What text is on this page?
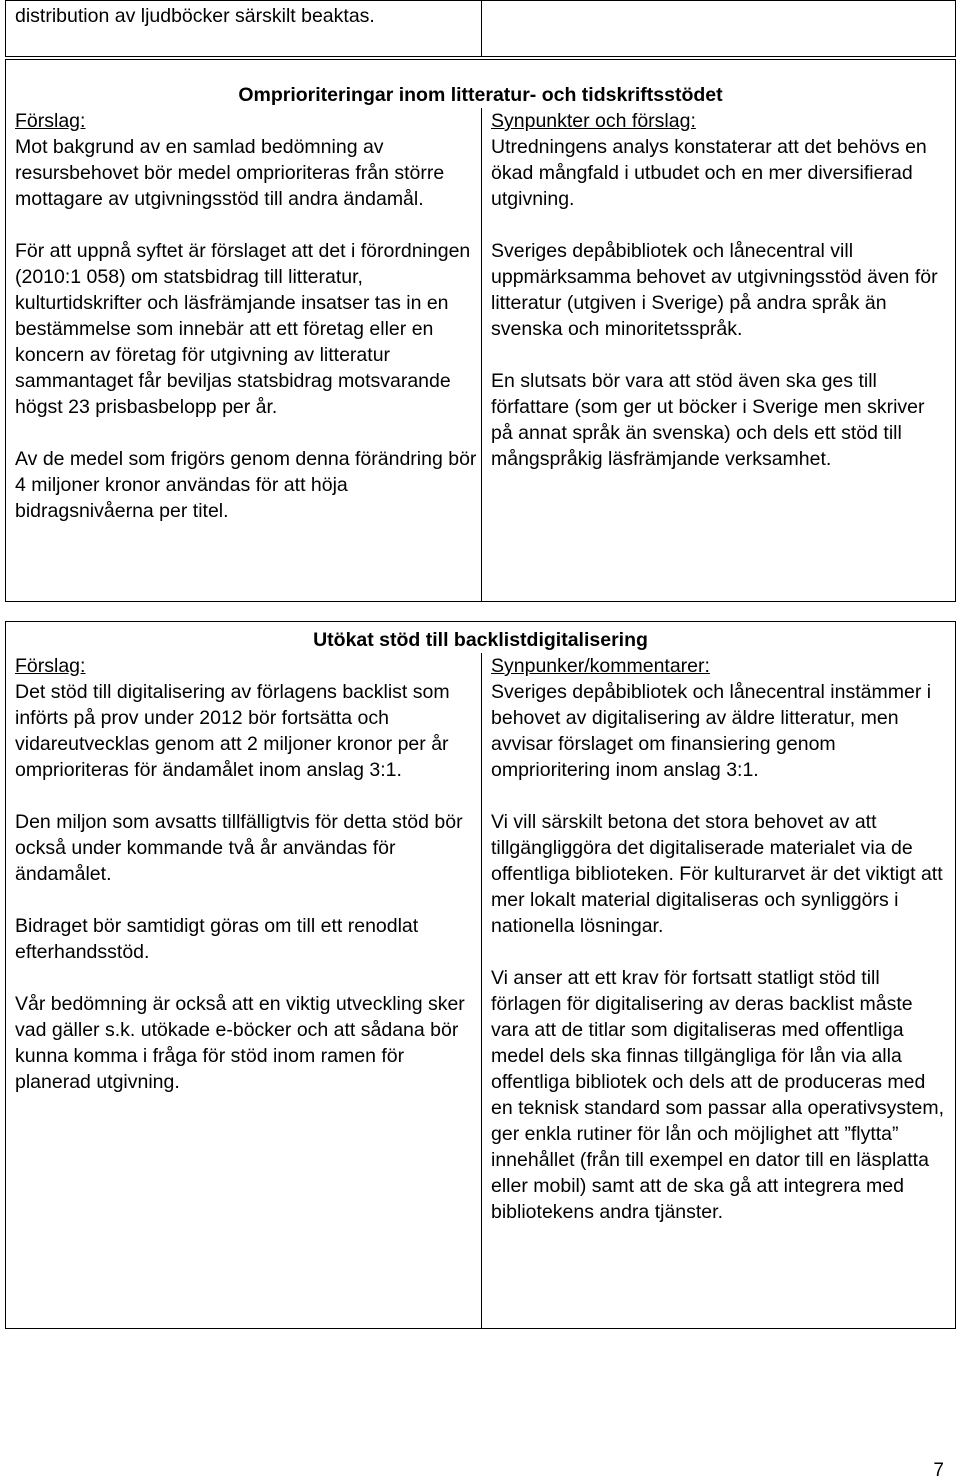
distribution av ljudböcker särskilt beaktas.

Omprioriteringar inom litteratur- och tidskriftsstödet
Förslag:

Mot bakgrund av en samlad bedömning av resursbehovet bör medel omprioriteras från större mottagare av utgivningsstöd till andra ändamål.

För att uppnå syftet är förslaget att det i förordningen (2010:1 058) om statsbidrag till litteratur, kulturtidskrifter och läsfrämjande insatser tas in en bestämmelse som innebär att ett företag eller en koncern av företag för utgivning av litteratur sammantaget får beviljas statsbidrag motsvarande högst 23 prisbasbelopp per år.

Av de medel som frigörs genom denna förändring bör 4 miljoner kronor användas för att höja bidragsnivåerna per titel.

Synpunkter och förslag:

Utredningens analys konstaterar att det behövs en ökad mångfald i utbudet och en mer diversifierad utgivning.

Sveriges depåbibliotek och lånecentral vill uppmärksamma behovet av utgivningsstöd även för litteratur (utgiven i Sverige) på andra språk än svenska och minoritetsspråk.

En slutsats bör vara att stöd även ska ges till författare (som ger ut böcker i Sverige men skriver på annat språk än svenska) och dels ett stöd till mångspråkig läsfrämjande verksamhet.

Utökat stöd till backlistdigitalisering
Förslag:

Det stöd till digitalisering av förlagens backlist som införts på prov under 2012 bör fortsätta och vidareutvecklas genom att 2 miljoner kronor per år omprioriteras för ändamålet inom anslag 3:1.

Den miljon som avsatts tillfälligtvis för detta stöd bör också under kommande två år användas för ändamålet.

Bidraget bör samtidigt göras om till ett renodlat efterhandsstöd.

Vår bedömning är också att en viktig utveckling sker vad gäller s.k. utökade e-böcker och att sådana bör kunna komma i fråga för stöd inom ramen för planerad utgivning.

Synpunker/kommentarer:

Sveriges depåbibliotek och lånecentral instämmer i behovet av digitalisering av äldre litteratur, men avvisar förslaget om finansiering genom omprioritering inom anslag 3:1.

Vi vill särskilt betona det stora behovet av att tillgängliggöra det digitaliserade materialet via de offentliga biblioteken. För kulturarvet är det viktigt att mer lokalt material digitaliseras och synliggörs i nationella lösningar.

Vi anser att ett krav för fortsatt statligt stöd till förlagen för digitalisering av deras backlist måste vara att de titlar som digitaliseras med offentliga medel dels ska finnas tillgängliga för lån via alla offentliga bibliotek och dels att de produceras med en teknisk standard som passar alla operativsystem, ger enkla rutiner för lån och möjlighet att ”flytta” innehållet (från till exempel en dator till en läsplatta eller mobil) samt att de ska gå att integrera med bibliotekens andra tjänster.

7
